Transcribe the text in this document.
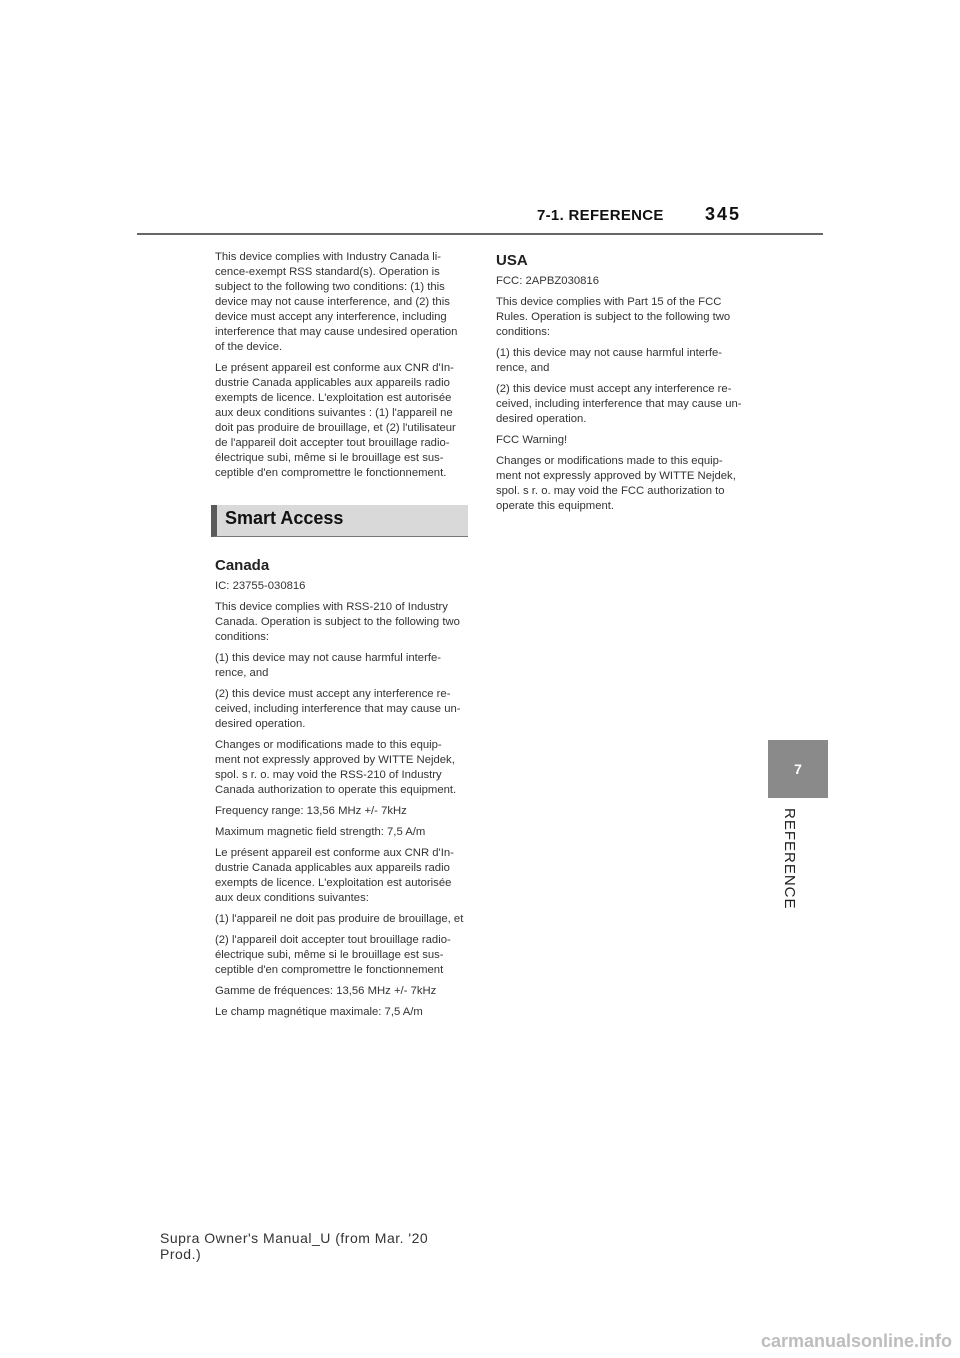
7-1. REFERENCE 345

This device complies with Industry Canada li-
cence-exempt RSS standard(s). Operation is
subject to the following two conditions: (1) this
device may not cause interference, and (2) this
device must accept any interference, including
interference that may cause undesired operation
of the device.

Le présent appareil est conforme aux CNR d'In-
dustrie Canada applicables aux appareils radio
exempts de licence. L'exploitation est autorisée
aux deux conditions suivantes : (1) l'appareil ne
doit pas produire de brouillage, et (2) l'utilisateur
de l'appareil doit accepter tout brouillage radio-
électrique subi, même si le brouillage est sus-
ceptible d'en compromettre le fonctionnement.

Smart Access
Canada

IC: 23755-030816

This device complies with RSS-210 of Industry
Canada. Operation is subject to the following two
conditions:

(1) this device may not cause harmful interfe-
rence, and

(2) this device must accept any interference re-
ceived, including interference that may cause un-
desired operation.

Changes or modifications made to this equip-
ment not expressly approved by WITTE Nejdek,
spol. s r. o. may void the RSS-210 of Industry
Canada authorization to operate this equipment.

Frequency range: 13,56 MHz +/- 7kHz

Maximum magnetic field strength: 7,5 A/m

Le présent appareil est conforme aux CNR d'In-
dustrie Canada applicables aux appareils radio
exempts de licence. L'exploitation est autorisée
aux deux conditions suivantes:

(1) l'appareil ne doit pas produire de brouillage, et

(2) l'appareil doit accepter tout brouillage radio-
électrique subi, même si le brouillage est sus-
ceptible d'en compromettre le fonctionnement

Gamme de fréquences: 13,56 MHz +/- 7kHz

Le champ magnétique maximale: 7,5 A/m

USA

FCC: 2APBZ030816

This device complies with Part 15 of the FCC
Rules. Operation is subject to the following two
conditions:

(1) this device may not cause harmful interfe-
rence, and

(2) this device must accept any interference re-
ceived, including interference that may cause un-
desired operation.

FCC Warning!

Changes or modifications made to this equip-
ment not expressly approved by WITTE Nejdek,
spol. s r. o. may void the FCC authorization to
operate this equipment.

7
REFERENCE
Supra Owner's Manual_U (from Mar. '20
Prod.)
carmanualsonline.info
